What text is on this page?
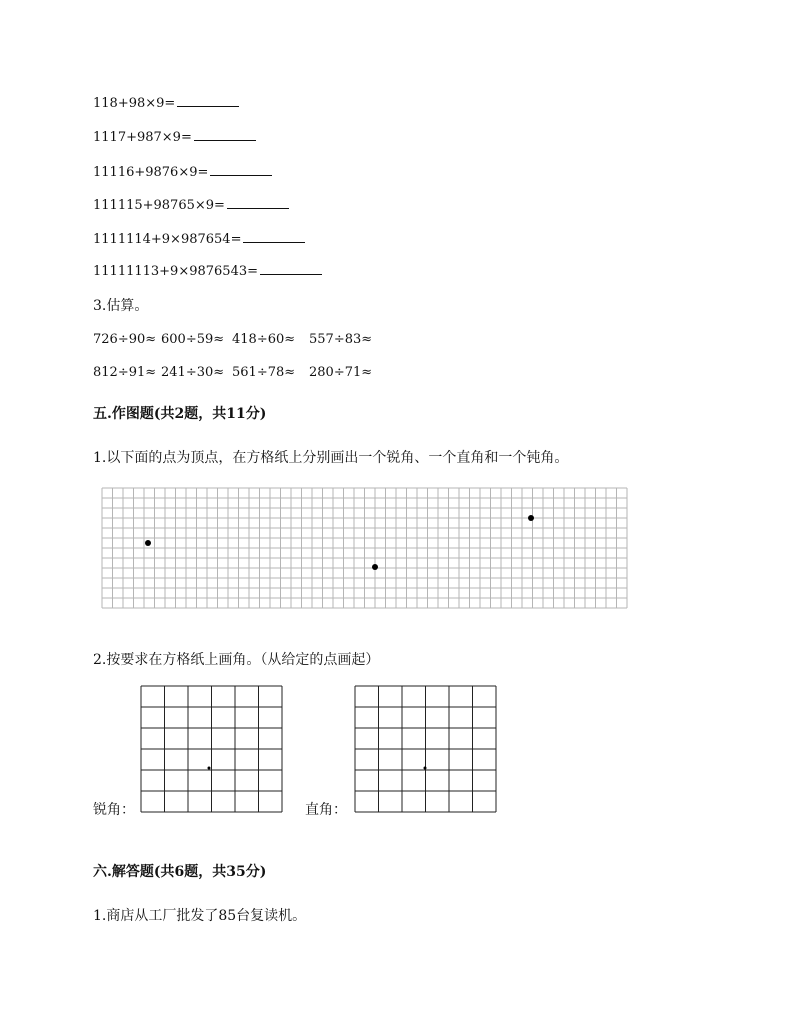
118+98×9=
1117+987×9=
11116+9876×9=
111115+98765×9=
1111114+9×987654=
11111113+9×9876543=
3.估算。
726÷90≈ 600÷59≈ 418÷60≈ 557÷83≈
812÷91≈ 241÷30≈ 561÷78≈ 280÷71≈
五.作图题(共2题，共11分)
1.以下面的点为顶点，在方格纸上分别画出一个锐角、一个直角和一个钝角。
2.按要求在方格纸上画角。（从给定的点画起）
锐角：	直角：
六.解答题(共6题，共35分)
1.商店从工厂批发了85台复读机。
